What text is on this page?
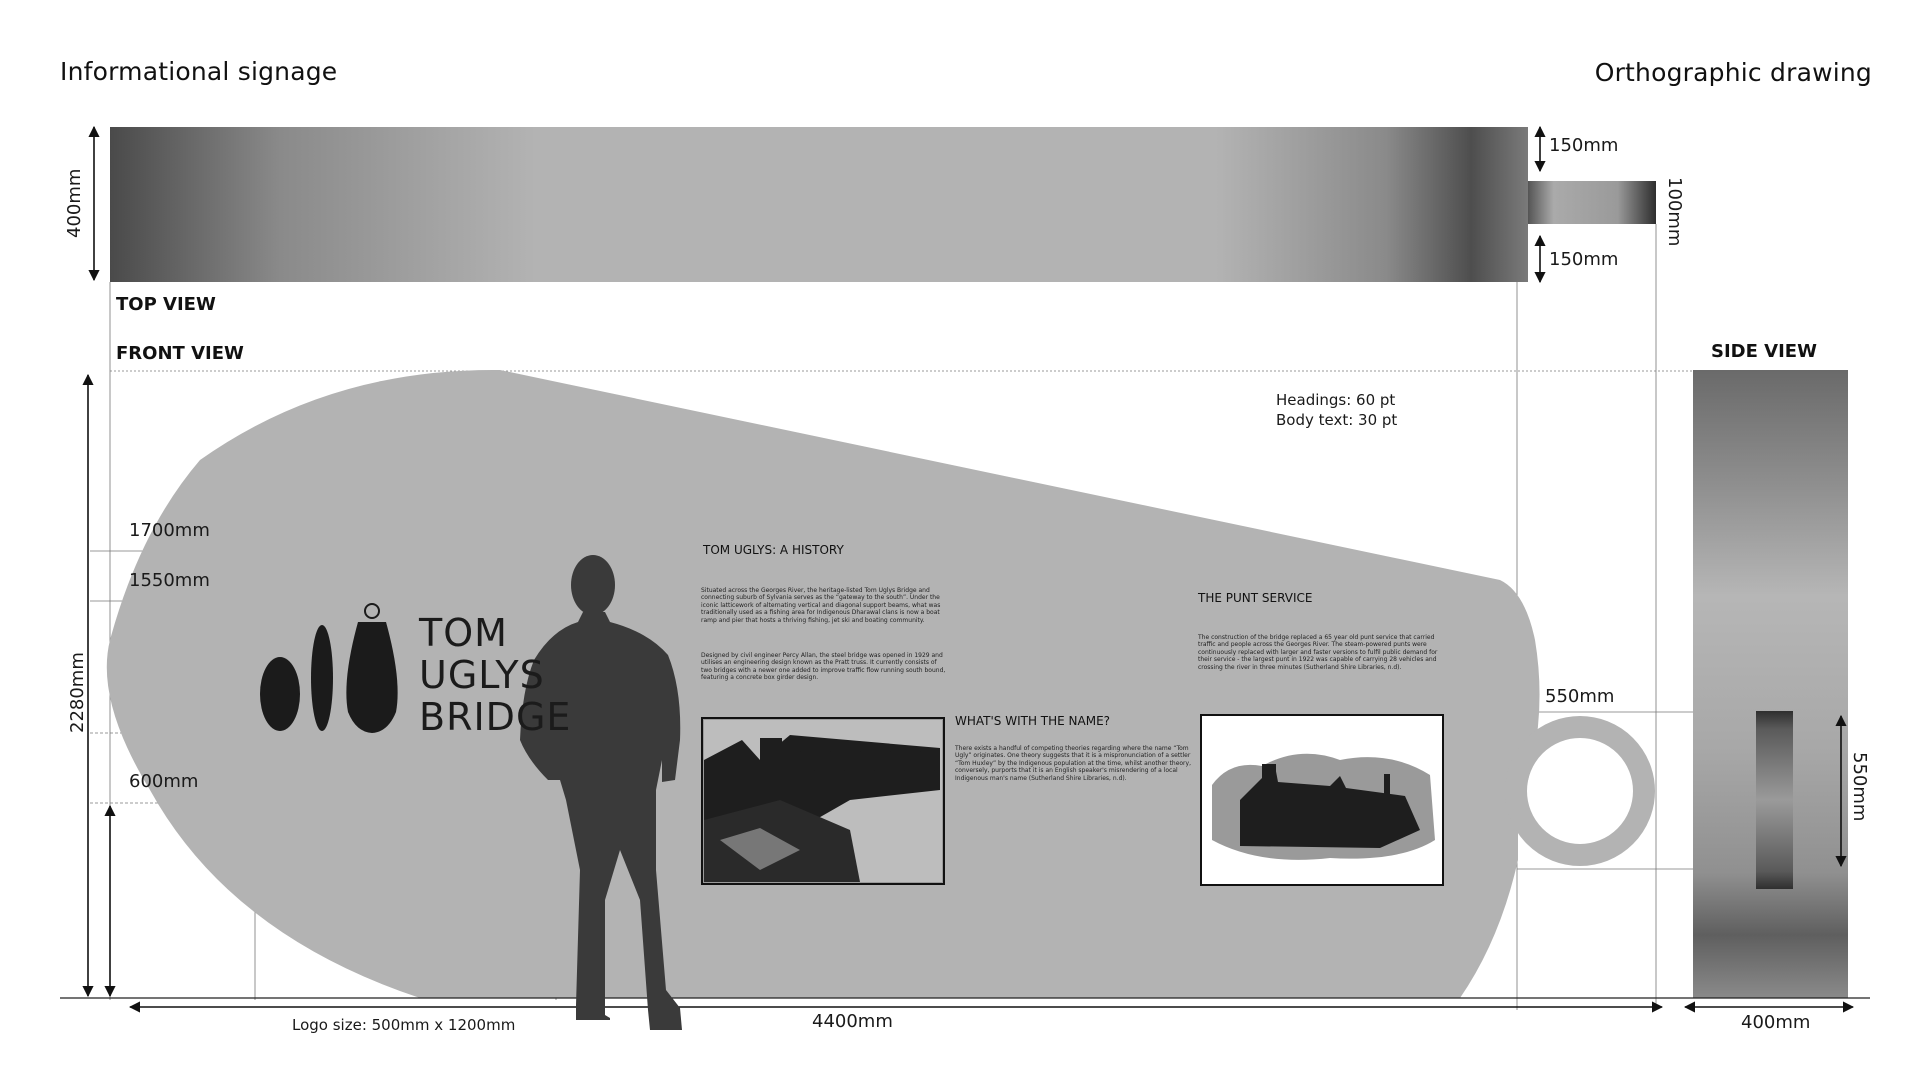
Informational signage	Orthographic drawing
TOP VIEW
FRONT VIEW	SIDE VIEW
400mm
150mm
150mm
100mm
2280mm
1700mm
1550mm
600mm
550mm
550mm
4400mm	400mm
Headings: 60 pt
Body text: 30 pt
Logo size: 500mm x 1200mm
TOM
UGLYS
BRIDGE
TOM UGLYS: A HISTORY
WHAT'S WITH THE NAME?
THE PUNT SERVICE
Situated across the Georges River, the heritage-listed Tom Uglys Bridge and connecting suburb of Sylvania serves as the “gateway to the south”. Under the iconic latticework of alternating vertical and diagonal support beams, what was traditionally used as a fishing area for Indigenous Dharawal clans is now a boat ramp and pier that hosts a thriving fishing, jet ski and boating community.
Designed by civil engineer Percy Allan, the steel bridge was opened in 1929 and utilises an engineering design known as the Pratt truss. It currently consists of two bridges with a newer one added to improve traffic flow running south bound, featuring a concrete box girder design.
There exists a handful of competing theories regarding where the name “Tom Ugly” originates. One theory suggests that it is a mispronunciation of a settler “Tom Huxley” by the Indigenous population at the time, whilst another theory, conversely, purports that it is an English speaker's misrendering of a local Indigenous man's name (Sutherland Shire Libraries, n.d).
The construction of the bridge replaced a 65 year old punt service that carried traffic and people across the Georges River. The steam-powered punts were continuously replaced with larger and faster versions to fulfil public demand for their service - the largest punt in 1922 was capable of carrying 28 vehicles and crossing the river in three minutes (Sutherland Shire Libraries, n.d).
